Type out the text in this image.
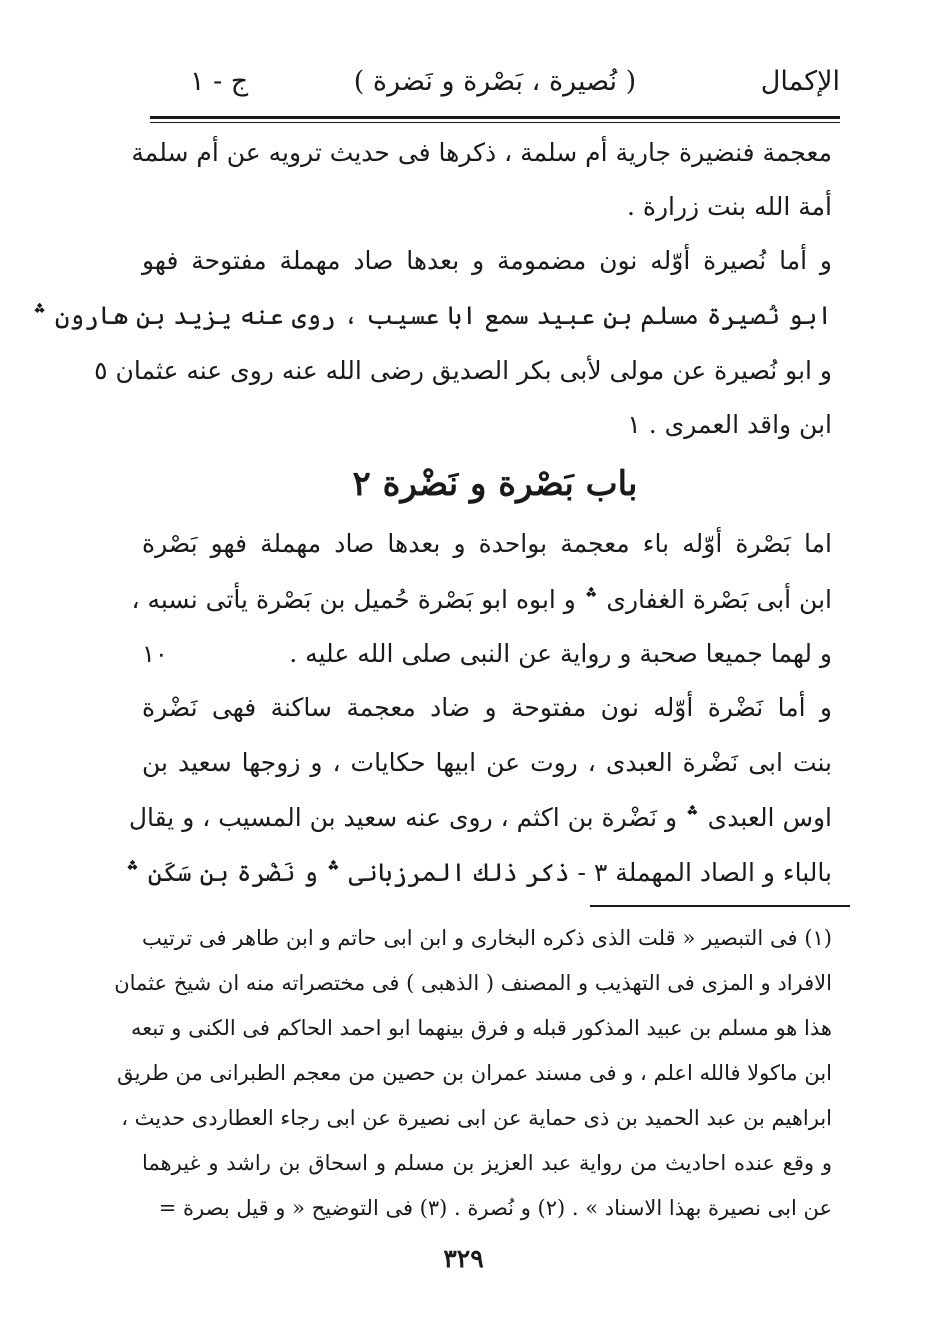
الإكمال
( نُصيرة ، بَصْرة و نَضرة )
ج - ١
معجمة فنضيرة جارية أم سلمة ، ذكرها فى حديث ترويه عن أم سلمة
أمة الله بنت زرارة .
و أما نُصيرة أوّله نون مضمومة و بعدها صاد مهملة مفتوحة فهو
ابو نُصيرة مسلم بن عبيد سمع ابا عسيب ، روى عنه يزيد بن هارون ؞
و ابو نُصيرة عن مولى لأبى بكر الصديق رضى الله عنه روى عنه عثمان ٥
ابن واقد العمرى . ١
باب بَصْرة و نَضْرة ٢
اما بَصْرة أوّله باء معجمة بواحدة و بعدها صاد مهملة فهو بَصْرة
ابن أبى بَصْرة الغفارى ؞ و ابوه ابو بَصْرة حُميل بن بَصْرة يأتى نسبه ،
و لهما جميعا صحبة و رواية عن النبى صلى الله عليه .
١٠
و أما نَضْرة أوّله نون مفتوحة و ضاد معجمة ساكنة فهى نَضْرة
بنت ابى نَضْرة العبدى ، روت عن ابيها حكايات ، و زوجها سعيد بن
اوس العبدى ؞ و نَضْرة بن اكثم ، روى عنه سعيد بن المسيب ، و يقال
بالباء و الصاد المهملة ٣ - ذكر ذلك المرزبانى ؞ و نَضْرة بن سَكَن ؞
(١) فى التبصير « قلت الذى ذكره البخارى و ابن ابى حاتم و ابن طاهر فى ترتيب
الافراد و المزى فى التهذيب و المصنف ( الذهبى ) فى مختصراته منه ان شيخ عثمان
هذا هو مسلم بن عبيد المذكور قبله و فرق بينهما ابو احمد الحاكم فى الكنى و تبعه
ابن ماكولا فالله اعلم ، و فى مسند عمران بن حصين من معجم الطبرانى من طريق
ابراهيم بن عبد الحميد بن ذى حماية عن ابى نصيرة عن ابى رجاء العطاردى حديث ،
و وقع عنده احاديث من رواية عبد العزيز بن مسلم و اسحاق بن راشد و غيرهما
عن ابى نصيرة بهذا الاسناد » . (٢) و نُصرة . (٣) فى التوضيح « و قيل بصرة =
٣٢٩
